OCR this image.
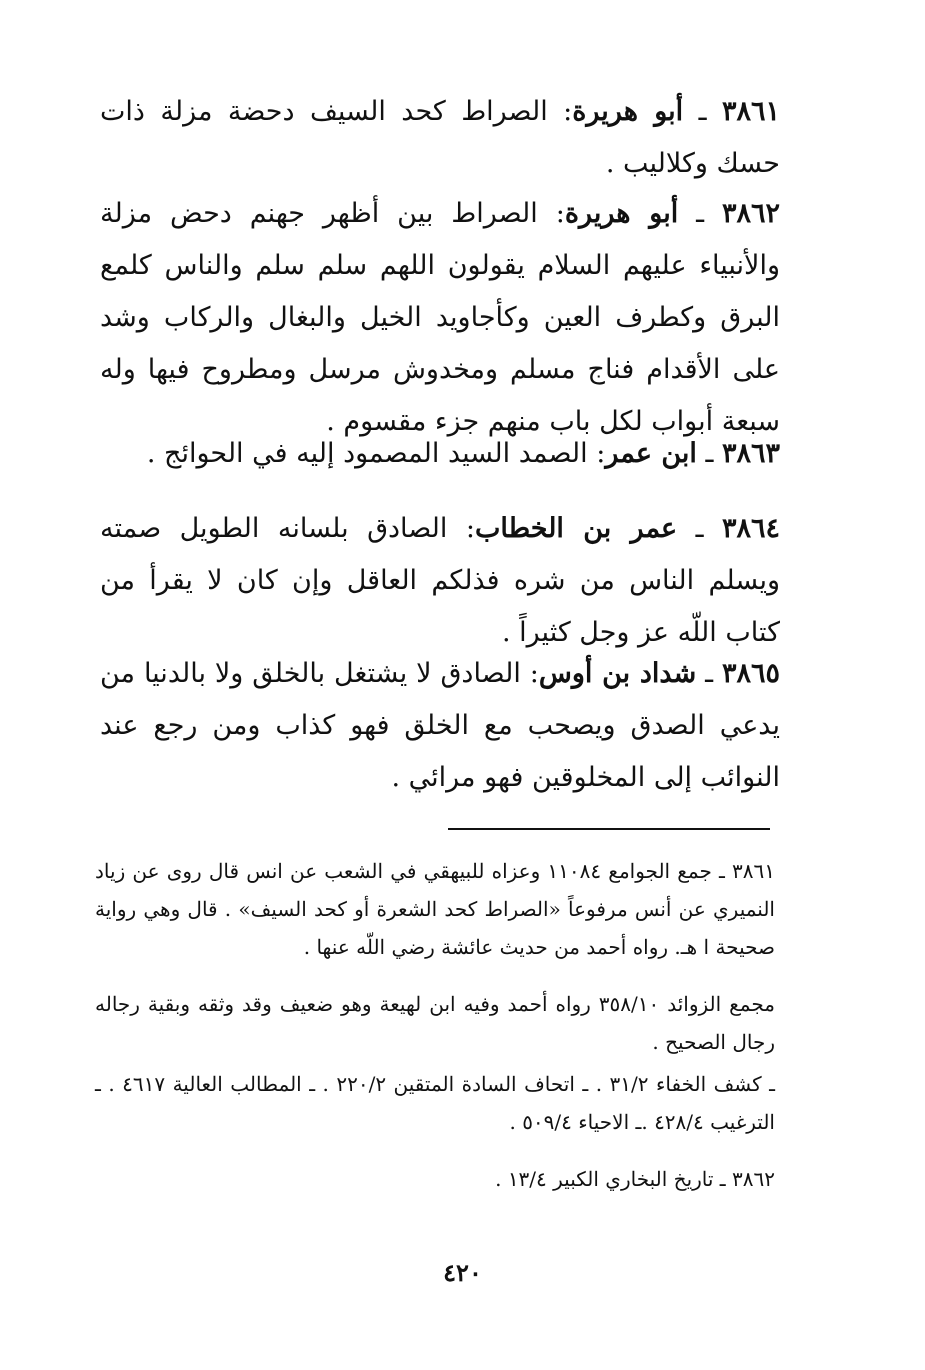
٣٨٦١ ـ أبو هريرة: الصراط كحد السيف دحضة مزلة ذات حسك وكلاليب .

٣٨٦٢ ـ أبو هريرة: الصراط بين أظهر جهنم دحض مزلة والأنبياء عليهم السلام يقولون اللهم سلم سلم والناس كلمع البرق وكطرف العين وكأجاويد الخيل والبغال والركاب وشد على الأقدام فناج مسلم ومخدوش مرسل ومطروح فيها وله سبعة أبواب لكل باب منهم جزء مقسوم .

٣٨٦٣ ـ ابن عمر: الصمد السيد المصمود إليه في الحوائج .

٣٨٦٤ ـ عمر بن الخطاب: الصادق بلسانه الطويل صمته ويسلم الناس من شره فذلكم العاقل وإن كان لا يقرأ من كتاب اللّه عز وجل كثيراً .

٣٨٦٥ ـ شداد بن أوس: الصادق لا يشتغل بالخلق ولا بالدنيا من يدعي الصدق ويصحب مع الخلق فهو كذاب ومن رجع عند النوائب إلى المخلوقين فهو مرائي .

٣٨٦١ ـ جمع الجوامع ١١٠٨٤ وعزاه للبيهقي في الشعب عن انس قال روى عن زياد النميري عن أنس مرفوعاً «الصراط كحد الشعرة أو كحد السيف» . قال وهي رواية صحيحة ا هـ. رواه أحمد من حديث عائشة رضي اللّه عنها .

مجمع الزوائد ٣٥٨/١٠ رواه أحمد وفيه ابن لهيعة وهو ضعيف وقد وثقه وبقية رجاله رجال الصحيح .

ـ كشف الخفاء ٣١/٢ . ـ اتحاف السادة المتقين ٢٢٠/٢ . ـ المطالب العالية ٤٦١٧ . ـ الترغيب ٤٢٨/٤ .ـ الاحياء ٥٠٩/٤ .

٣٨٦٢ ـ تاريخ البخاري الكبير ١٣/٤ .

٤٢٠
